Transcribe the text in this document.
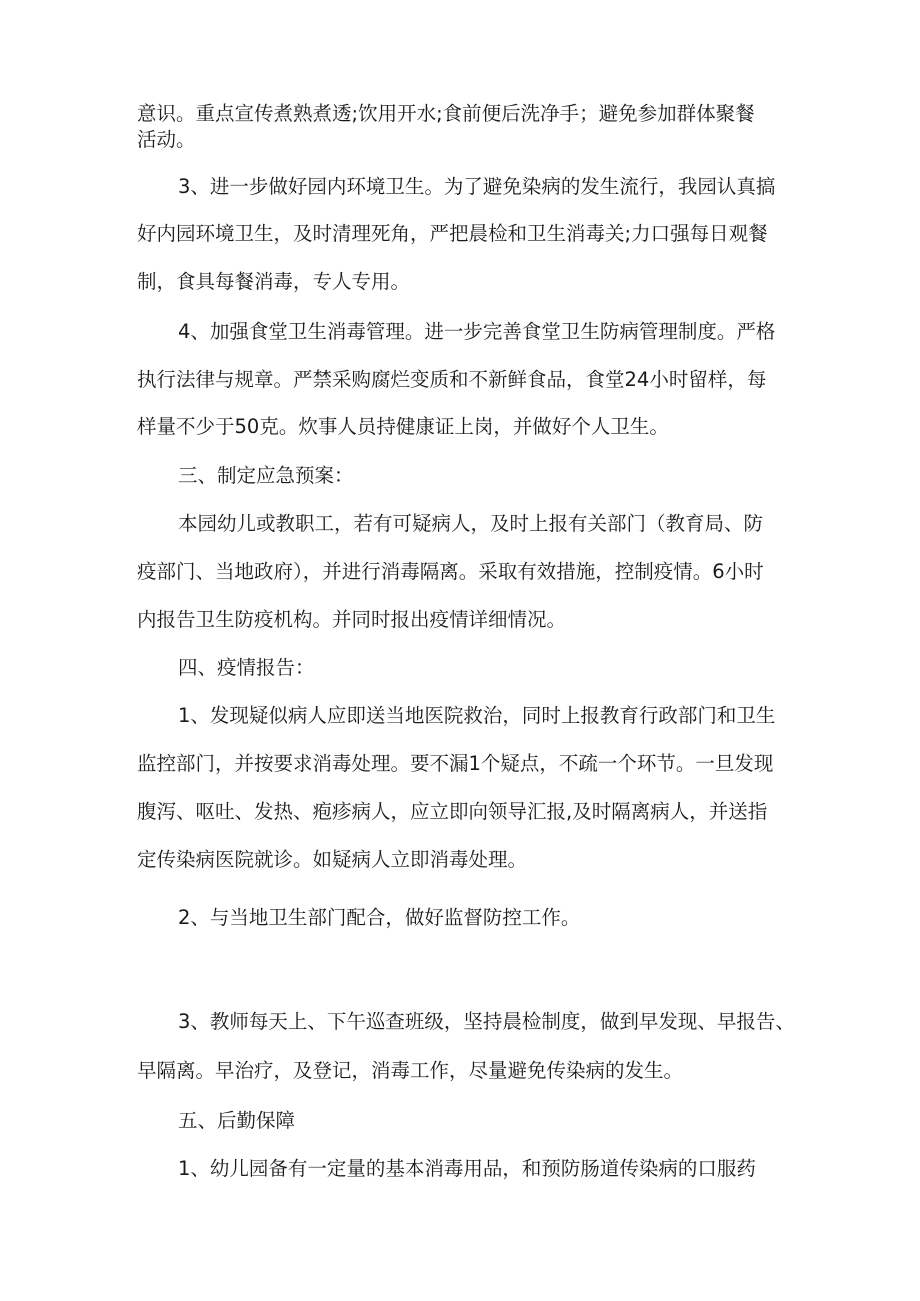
意识。重点宣传煮熟煮透;饮用开水;食前便后洗净手；避免参加群体聚餐
活动。
3、进一步做好园内环境卫生。为了避免染病的发生流行，我园认真搞
好内园环境卫生，及时清理死角，严把晨检和卫生消毒关;力口强每日观餐
制，食具每餐消毒，专人专用。
4、加强食堂卫生消毒管理。进一步完善食堂卫生防病管理制度。严格
执行法律与规章。严禁采购腐烂变质和不新鲜食品，食堂24小时留样，每
样量不少于50克。炊事人员持健康证上岗，并做好个人卫生。
三、制定应急预案：
本园幼儿或教职工，若有可疑病人，及时上报有关部门（教育局、防
疫部门、当地政府），并进行消毒隔离。采取有效措施，控制疫情。6小时
内报告卫生防疫机构。并同时报出疫情详细情况。
四、疫情报告：
1、发现疑似病人应即送当地医院救治，同时上报教育行政部门和卫生
监控部门，并按要求消毒处理。要不漏1个疑点，不疏一个环节。一旦发现
腹泻、呕吐、发热、疱疹病人，应立即向领导汇报,及时隔离病人，并送指
定传染病医院就诊。如疑病人立即消毒处理。
2、与当地卫生部门配合，做好监督防控工作。
3、教师每天上、下午巡查班级，坚持晨检制度，做到早发现、早报告、
早隔离。早治疗，及登记，消毒工作，尽量避免传染病的发生。
五、后勤保障
1、幼儿园备有一定量的基本消毒用品，和预防肠道传染病的口服药
